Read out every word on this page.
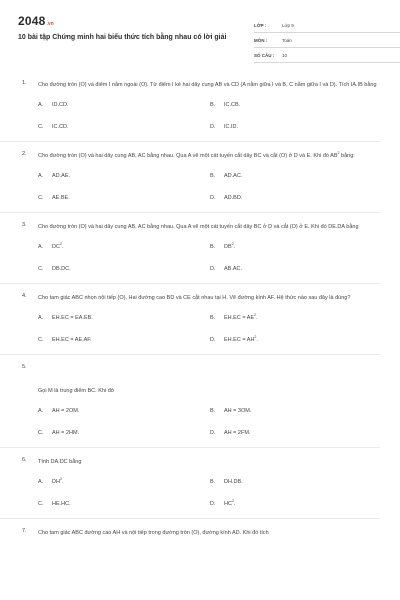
2048 .vn
10 bài tập Chứng minh hai biểu thức tích bằng nhau có lời giải
LỚP :	Lớp 9
MÔN :	Toán
SỐ CÂU :	10
1. Cho đường tròn (O) và điểm I nằm ngoài (O). Từ điểm I kẻ hai dây cung AB và CD (A nằm giữa I và B, C nằm giữa I và D). Tích IA.IB bằng
A.	ID.CD.	B.	IC.CB.
C.	IC.CD.	D.	IC.ID.
2. Cho đường tròn (O) và hai dây cung AB, AC bằng nhau. Qua A vẽ một cát tuyến cắt dây BC và cắt (O) ở D và E. Khi đó $AB^2$ bằng:
A.	AD.AE.	B.	AD.AC.
C.	AE.BE.	D.	AD.BD.
3. Cho đường tròn (O) và hai dây cung AB, AC bằng nhau. Qua A vẽ một cát tuyến cắt dây BC ở D và cắt (O) ở E. Khi đó DE.DA bằng
A.	$DC^2$.	B.	$DB^2$.
C.	DB.DC.	D.	AB.AC.
4. Cho tam giác ABC nhọn nội tiếp (O), Hai đường cao BD và CE cắt nhau tại H. Vẽ đường kính AF. Hệ thức nào sau đây là đúng?
A.	EH.EC = EA.EB.	B.	$EH.EC = AE^2$.
C.	EH.EC = AE.AF.	D.	$EH.EC = AH^2$.
5.
Gọi M là trung điểm BC. Khi đó
A.	AH = 2OM.	B.	AH = 3OM.
C.	AH = 2HM.	D.	AH = 2FM.
6. Tính DA.DC bằng
A.	$DH^2$.	B.	DH.DB.
C.	HE.HC.	D.	$HC^2$.
7. Cho tam giác ABC đường cao AH và nội tiếp trong đường tròn (O), đường kính AD. Khi đó tích
